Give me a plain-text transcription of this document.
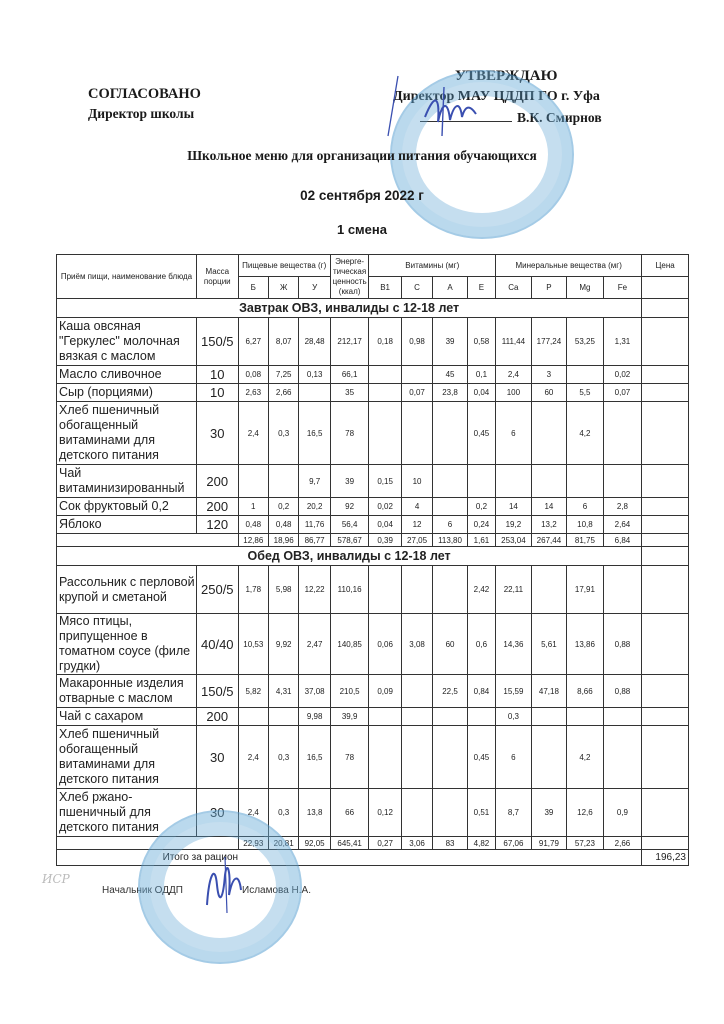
СОГЛАСОВАНО
Директор школы
УТВЕРЖДАЮ
Директор МАУ ЦДДП ГО г. Уфа
В.К. Смирнов
Школьное меню для организации питания обучающихся
02 сентября 2022 г
1 смена
Приём пищи, наименование блюда	Масса порции	Пищевые вещества (г)			Энерге-тическая ценность (ккал)	Витамины (мг)				Минеральные вещества (мг)				Цена
		Б	Ж	У		B1	C	A	E	Ca	P	Mg	Fe	
Завтрак ОВЗ, инвалиды с 12-18 лет														
Каша овсяная "Геркулес" молочная вязкая с маслом	150/5	6,27	8,07	28,48	212,17	0,18	0,98	39	0,58	111,44	177,24	53,25	1,31	
Масло сливочное	10	0,08	7,25	0,13	66,1			45	0,1	2,4	3		0,02	
Сыр (порциями)	10	2,63	2,66		35		0,07	23,8	0,04	100	60	5,5	0,07	
Хлеб пшеничный обогащенный витаминами для детского питания	30	2,4	0,3	16,5	78				0,45	6		4,2		
Чай витаминизированный	200			9,7	39	0,15	10							
Сок фруктовый 0,2	200	1	0,2	20,2	92	0,02	4		0,2	14	14	6	2,8	
Яблоко	120	0,48	0,48	11,76	56,4	0,04	12	6	0,24	19,2	13,2	10,8	2,64	
		12,86	18,96	86,77	578,67	0,39	27,05	113,80	1,61	253,04	267,44	81,75	6,84	
Обед ОВЗ, инвалиды с 12-18 лет														
Рассольник с перловой крупой и сметаной	250/5	1,78	5,98	12,22	110,16				2,42	22,11		17,91		
Мясо птицы, припущенное в томатном соусе (филе грудки)	40/40	10,53	9,92	2,47	140,85	0,06	3,08	60	0,6	14,36	5,61	13,86	0,88	
Макаронные изделия отварные с маслом	150/5	5,82	4,31	37,08	210,5	0,09		22,5	0,84	15,59	47,18	8,66	0,88	
Чай с сахаром	200			9,98	39,9					0,3				
Хлеб пшеничный обогащенный витаминами для детского питания	30	2,4	0,3	16,5	78				0,45	6		4,2		
Хлеб ржано-пшеничный для детского питания	30	2,4	0,3	13,8	66	0,12			0,51	8,7	39	12,6	0,9	
		22,93	20,81	92,05	645,41	0,27	3,06	83	4,82	67,06	91,79	57,23	2,66	
Итого за рацион														196,23
Начальник ОДДП	Исламова Н.А.
ИСР
